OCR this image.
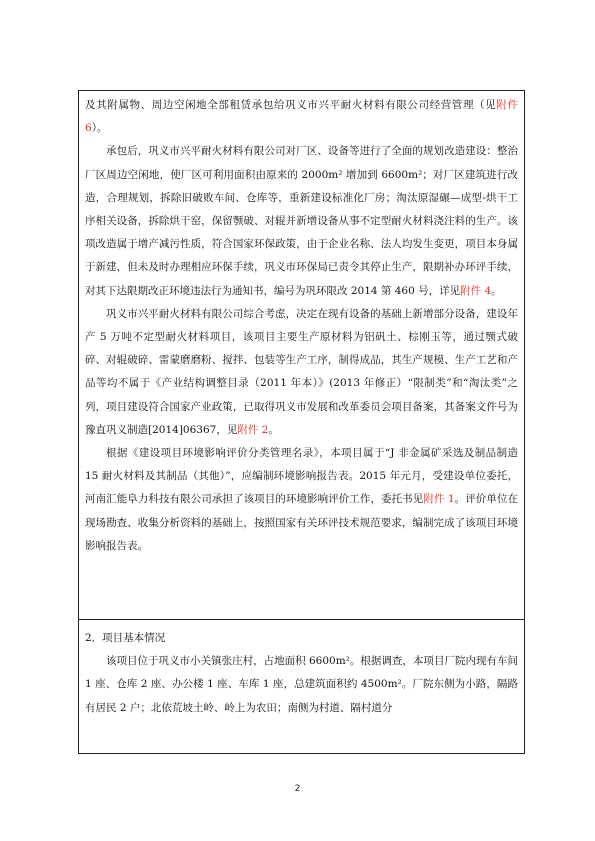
及其附属物、周边空闲地全部租赁承包给巩义市兴平耐火材料有限公司经营管理（见附件 6）。

承包后，巩义市兴平耐火材料有限公司对厂区、设备等进行了全面的规划改造建设：整治厂区周边空闲地，使厂区可利用面积由原来的 2000m² 增加到 6600m²；对厂区建筑进行改造，合理规划，拆除旧破败车间、仓库等，重新建设标准化厂房；淘汰原湿碾—成型-烘干工序相关设备，拆除烘干窑，保留颚破、对辊并新增设备从事不定型耐火材料浇注料的生产。该项改造属于增产减污性质，符合国家环保政策，由于企业名称、法人均发生变更，项目本身属于新建，但未及时办理相应环保手续，巩义市环保局已责令其停止生产，限期补办环评手续，对其下达限期改正环境违法行为通知书，编号为巩环限改 2014 第 460 号，详见附件 4。

巩义市兴平耐火材料有限公司综合考虑，决定在现有设备的基础上新增部分设备，建设年产 5 万吨不定型耐火材料项目，该项目主要生产原材料为铝矾土、棕刚玉等，通过颚式破碎、对辊破碎、雷蒙磨磨粉、搅拌、包装等生产工序，制得成品，其生产规模、生产工艺和产品等均不属于《产业结构调整目录（2011 年本）》(2013 年修正）“限制类”和“淘汰类”之列，项目建设符合国家产业政策，已取得巩义市发展和改革委员会项目备案，其备案文件号为豫直巩义制造[2014]06367，见附件 2。

根据《建设项目环境影响评价分类管理名录》，本项目属于“J 非金属矿采选及制品制造 15 耐火材料及其制品（其他）”，应编制环境影响报告表。2015 年元月，受建设单位委托，河南汇能阜力科技有限公司承担了该项目的环境影响评价工作，委托书见附件 1。评价单位在现场勘查、收集分析资料的基础上，按照国家有关环评技术规范要求，编制完成了该项目环境影响报告表。

2．项目基本情况

该项目位于巩义市小关镇张庄村，占地面积 6600m²。根据调查，本项目厂院内现有车间 1 座、仓库 2 座、办公楼 1 座、车库 1 座，总建筑面积约 4500m²。厂院东侧为小路，隔路有居民 2 户；北依荒坡土岭、岭上为农田；南侧为村道、隔村道分

2
